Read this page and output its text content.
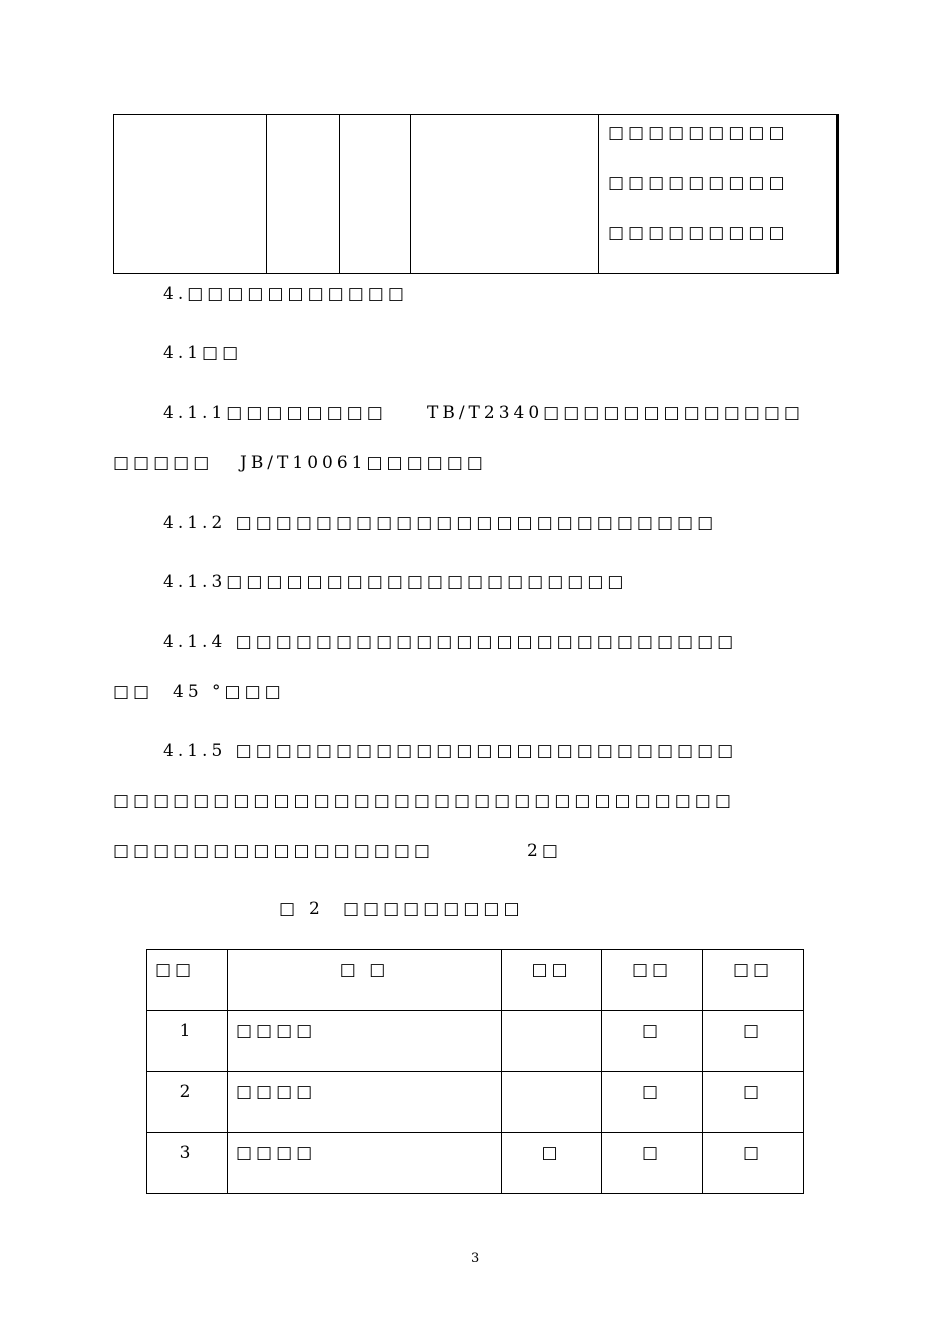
□□□□□□□□□
□□□□□□□□□
□□□□□□□□□
4.□□□□□□□□□□□
4.1□□
4.1.1□□□□□□□□ TB/T2340□□□□□□□□□□□□□
□□□□□ JB/T10061□□□□□□
4.1.2 □□□□□□□□□□□□□□□□□□□□□□□□
4.1.3□□□□□□□□□□□□□□□□□□□□
4.1.4 □□□□□□□□□□□□□□□□□□□□□□□□□
□□ 45 °□□□
4.1.5 □□□□□□□□□□□□□□□□□□□□□□□□□
□□□□□□□□□□□□□□□□□□□□□□□□□□□□□□□
□□□□□□□□□□□□□□□□	2□
□ 2 □□□□□□□□□
□□	□ □	□□	□□	□□
1	□□□□		□	□
2	□□□□		□	□
3	□□□□	□	□	□
3
